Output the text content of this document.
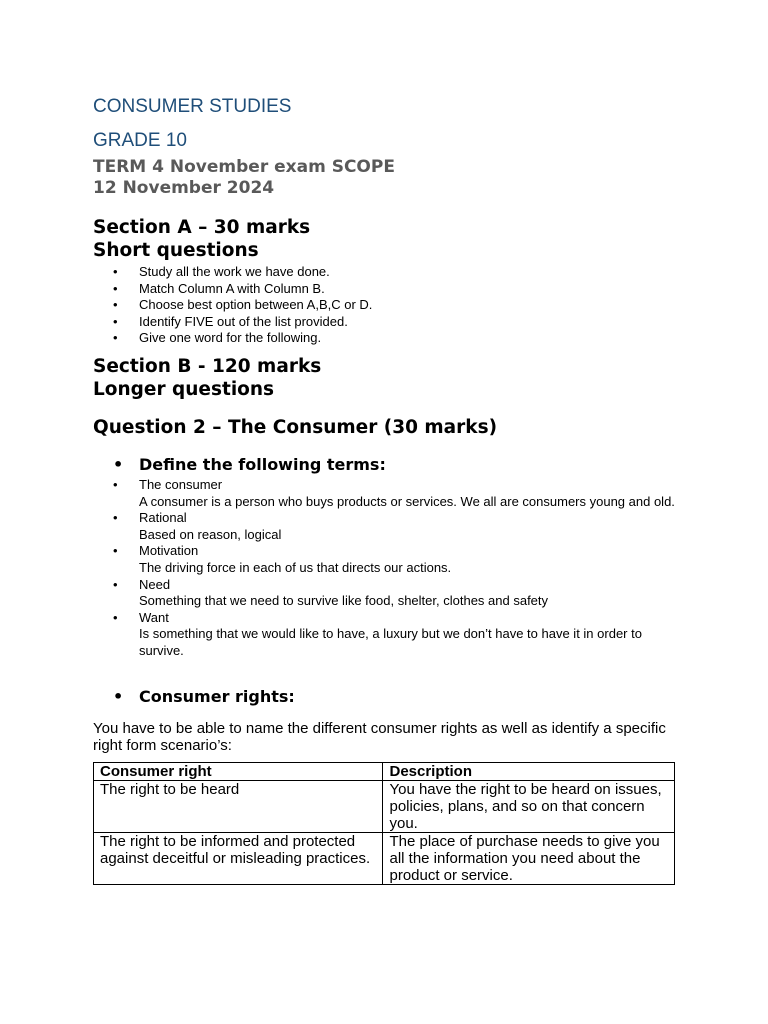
CONSUMER STUDIES
GRADE 10

TERM 4 November exam SCOPE

12 November 2024

Section A – 30 marks
Short questions
• Study all the work we have done.
• Match Column A with Column B.
• Choose best option between A,B,C or D.
• Identify FIVE out of the list provided.
• Give one word for the following.
Section B - 120 marks
Longer questions
Question 2 – The Consumer (30 marks)
• Define the following terms:
• The consumer
A consumer is a person who buys products or services. We all are consumers young and old.
• Rational
Based on reason, logical
• Motivation
The driving force in each of us that directs our actions.
• Need
Something that we need to survive like food, shelter, clothes and safety
• Want
Is something that we would like to have, a luxury but we don’t have to have it in order to survive.
• Consumer rights:

You have to be able to name the different consumer rights as well as identify a specific right form scenario’s:

Consumer right	Description
The right to be heard	You have the right to be heard on issues, policies, plans, and so on that concern you.
The right to be informed and protected against deceitful or misleading practices.	The place of purchase needs to give you all the information you need about the product or service.
